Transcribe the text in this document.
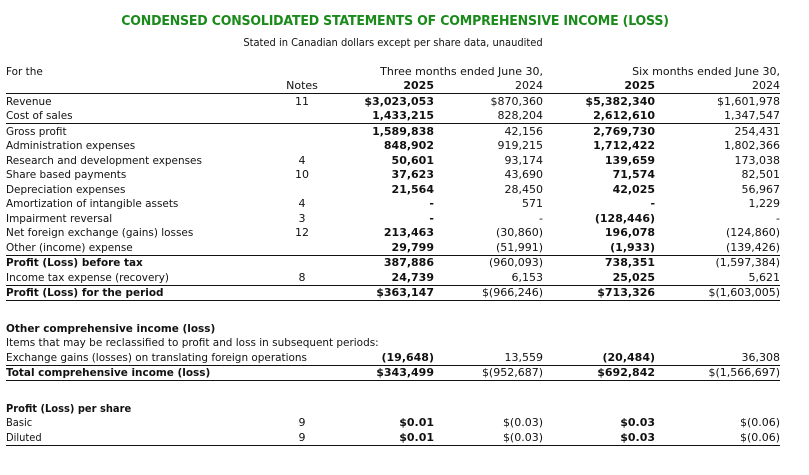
CONDENSED CONSOLIDATED STATEMENTS OF COMPREHENSIVE INCOME (LOSS)
Stated in Canadian dollars except per share data, unaudited
For the		Three months ended June 30,		Six months ended June 30,	
	Notes	2025	2024	2025	2024
Revenue	11	$3,023,053	$870,360	$5,382,340	$1,601,978
Cost of sales		1,433,215	828,204	2,612,610	1,347,547
Gross profit		1,589,838	42,156	2,769,730	254,431
Administration expenses		848,902	919,215	1,712,422	1,802,366
Research and development expenses	4	50,601	93,174	139,659	173,038
Share based payments	10	37,623	43,690	71,574	82,501
Depreciation expenses		21,564	28,450	42,025	56,967
Amortization of intangible assets	4	-	571	-	1,229
Impairment reversal	3	-	-	(128,446)	-
Net foreign exchange (gains) losses	12	213,463	(30,860)	196,078	(124,860)
Other (income) expense		29,799	(51,991)	(1,933)	(139,426)
Profit (Loss) before tax		387,886	(960,093)	738,351	(1,597,384)
Income tax expense (recovery)	8	24,739	6,153	25,025	5,621
Profit (Loss) for the period		$363,147	$(966,246)	$713,326	$(1,603,005)

Other comprehensive income (loss)					
Items that may be reclassified to profit and loss in subsequent periods:					
Exchange gains (losses) on translating foreign operations		(19,648)	13,559	(20,484)	36,308
Total comprehensive income (loss)		$343,499	$(952,687)	$692,842	$(1,566,697)

Profit (Loss) per share					
Basic	9	$0.01	$(0.03)	$0.03	$(0.06)
Diluted	9	$0.01	$(0.03)	$0.03	$(0.06)
